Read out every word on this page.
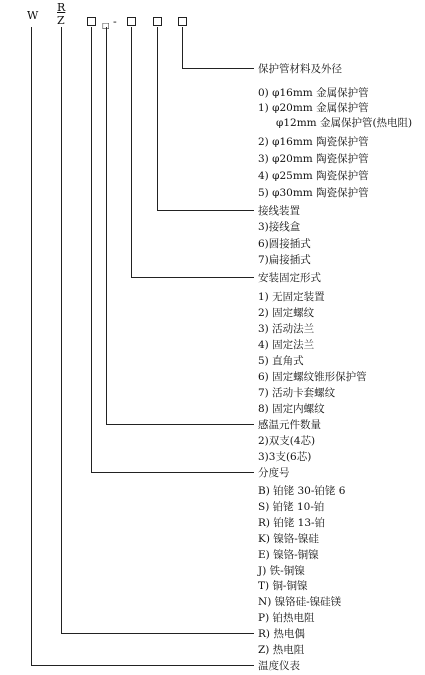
W
R
Z	□ -
保护管材料及外径
0) φ16mm 金属保护管
1) φ20mm 金属保护管
φ12mm 金属保护管(热电阻)
2) φ16mm 陶瓷保护管
3) φ20mm 陶瓷保护管
4) φ25mm 陶瓷保护管
5) φ30mm 陶瓷保护管
接线装置
3)接线盒
6)圆接插式
7)扁接插式
安装固定形式
1) 无固定装置
2) 固定螺纹
3) 活动法兰
4) 固定法兰
5) 直角式
6) 固定螺纹锥形保护管
7) 活动卡套螺纹
8) 固定内螺纹
感温元件数量
2)双支(4芯)
3)3支(6芯)
分度号
B) 铂铑 30-铂铑 6
S) 铂铑 10-铂
R) 铂铑 13-铂
K) 镍铬-镍硅
E) 镍铬-铜镍
J) 铁-铜镍
T) 铜-铜镍
N) 镍铬硅-镍硅镁
P) 铂热电阻
R) 热电偶
Z) 热电阻
温度仪表
